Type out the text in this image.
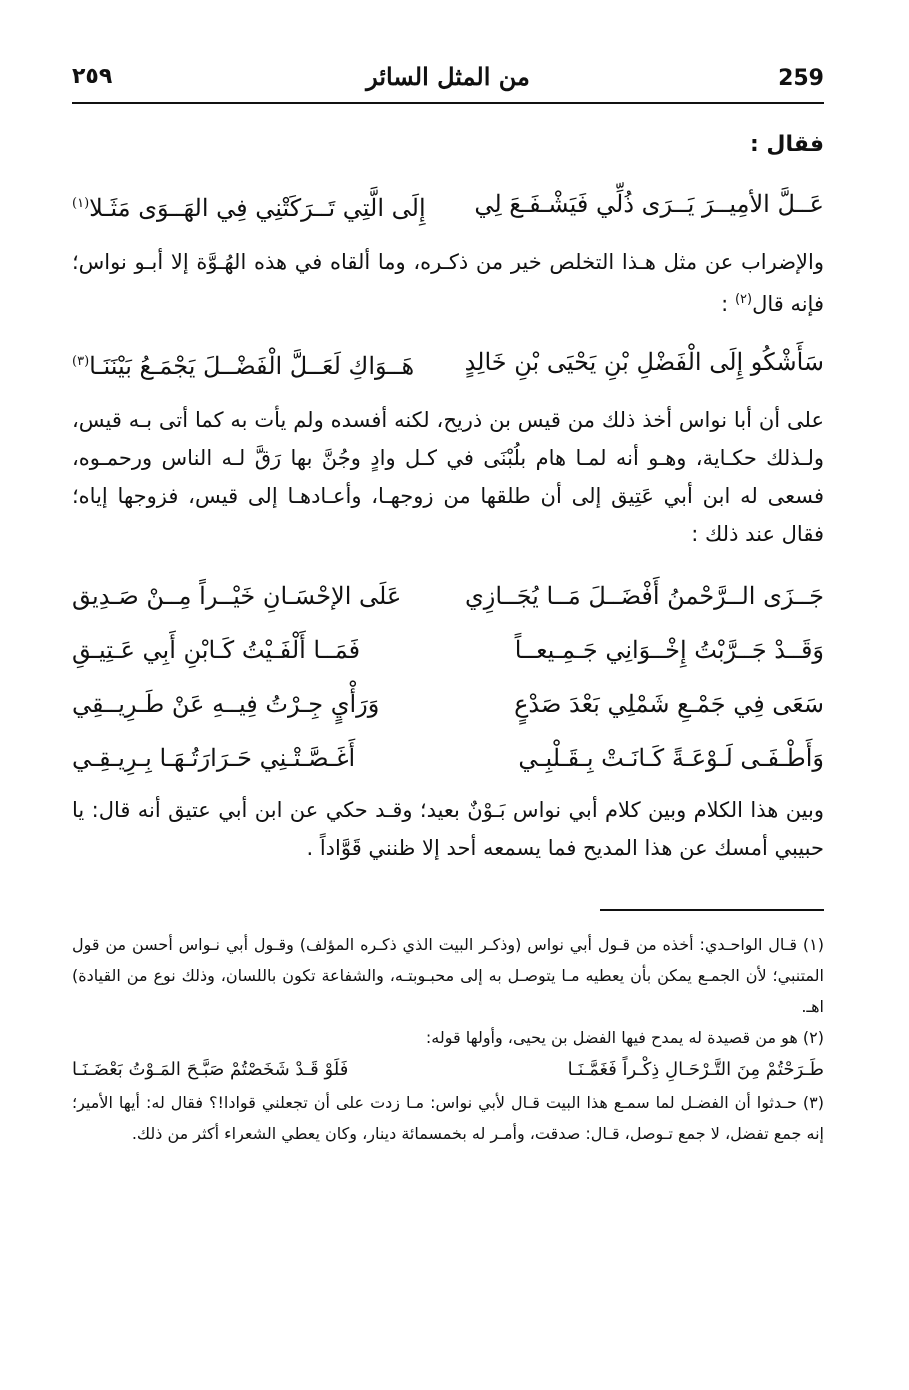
259
من المثل السائر
٢٥٩
فقال :
عَــلَّ الأمِيــرَ يَــرَى ذُلِّي فَيَشْـفَـعَ لِي
إِلَى الَّتِي تَــرَكَتْنِي فِي الهَــوَى مَثَـلا$^{(١)}$
والإضراب عن مثل هـذا التخلص خير من ذكـره، وما ألقاه في هذه الهُـوَّة إلا أبـو نواس؛ فإنه قال$^{(٢)}$ :
سَأَشْكُو إِلَى الْفَضْلِ بْنِ يَحْيَى بْنِ خَالِدٍ
هَــوَاكِ لَعَــلَّ الْفَضْــلَ يَجْمَـعُ بَيْنَنَـا$^{(٣)}$
على أن أبا نواس أخذ ذلك من قيس بن ذريح، لكنه أفسده ولم يأت به كما أتى بـه قيس، ولـذلك حكـاية، وهـو أنه لمـا هام بلُبْنَى في كـل وادٍ وجُنَّ بها رَقَّ لـه الناس ورحمـوه، فسعى له ابن أبي عَتِيق إلى أن طلقها من زوجهـا، وأعـادهـا إلى قيس، فزوجها إياه؛ فقال عند ذلك :
جَــزَى الــرَّحْمنُ أَفْضَــلَ مَــا يُجَــازِي
عَلَى الإحْسَـانِ خَيْــراً مِــنْ صَـدِيق
وَقَــدْ جَــرَّبْتُ إِخْــوَانِي جَـمِـيعــاً
فَمَــا أَلْفَـيْتُ كَـابْنِ أَبِي عَـتِيـقِ
سَعَى فِي جَمْـعِ شَمْلِي بَعْدَ صَدْعٍ
وَرَأْيٍ جِـرْتُ فِيــهِ عَنْ طَـرِيــقِي
وَأَطْـفَـى لَـوْعَـةً كَـانَـتْ بِـقَـلْبِـي
أَغَـصَّـتْـنِي حَـرَارَتُـهَـا بِـرِيـقِـي
وبين هذا الكلام وبين كلام أبي نواس بَـوْنٌ بعيد؛ وقـد حكي عن ابن أبي عتيق أنه قال: يا حبيبي أمسك عن هذا المديح فما يسمعه أحد إلا ظنني قَوَّاداً .
(١) قـال الواحـدي: أخذه من قـول أبي نواس (وذكـر البيت الذي ذكـره المؤلف) وقـول أبي نـواس أحسن من قول المتنبي؛ لأن الجمـع يمكن بأن يعطيه مـا يتوصـل به إلى محبـوبتـه، والشفاعة تكون باللسان، وذلك نوع من القيادة) اهـ.
(٢) هو من قصيدة له يمدح فيها الفضل بن يحيى، وأولها قوله:
طَـرَحْتُمْ مِنَ التَّـرْحَـالِ ذِكْـراً فَغَمَّـنَـا
فَلَوْ قَـدْ شَخَصْتُمْ صَبَّـحَ المَـوْتُ بَعْضَـنَـا
(٣) حـدثوا أن الفضـل لما سمـع هذا البيت قـال لأبي نواس: مـا زدت على أن تجعلني قوادا!؟ فقال له: أيها الأمير؛ إنه جمع تفضل، لا جمع تـوصل، قـال: صدقت، وأمـر له بخمسمائة دينار، وكان يعطي الشعراء أكثر من ذلك.
